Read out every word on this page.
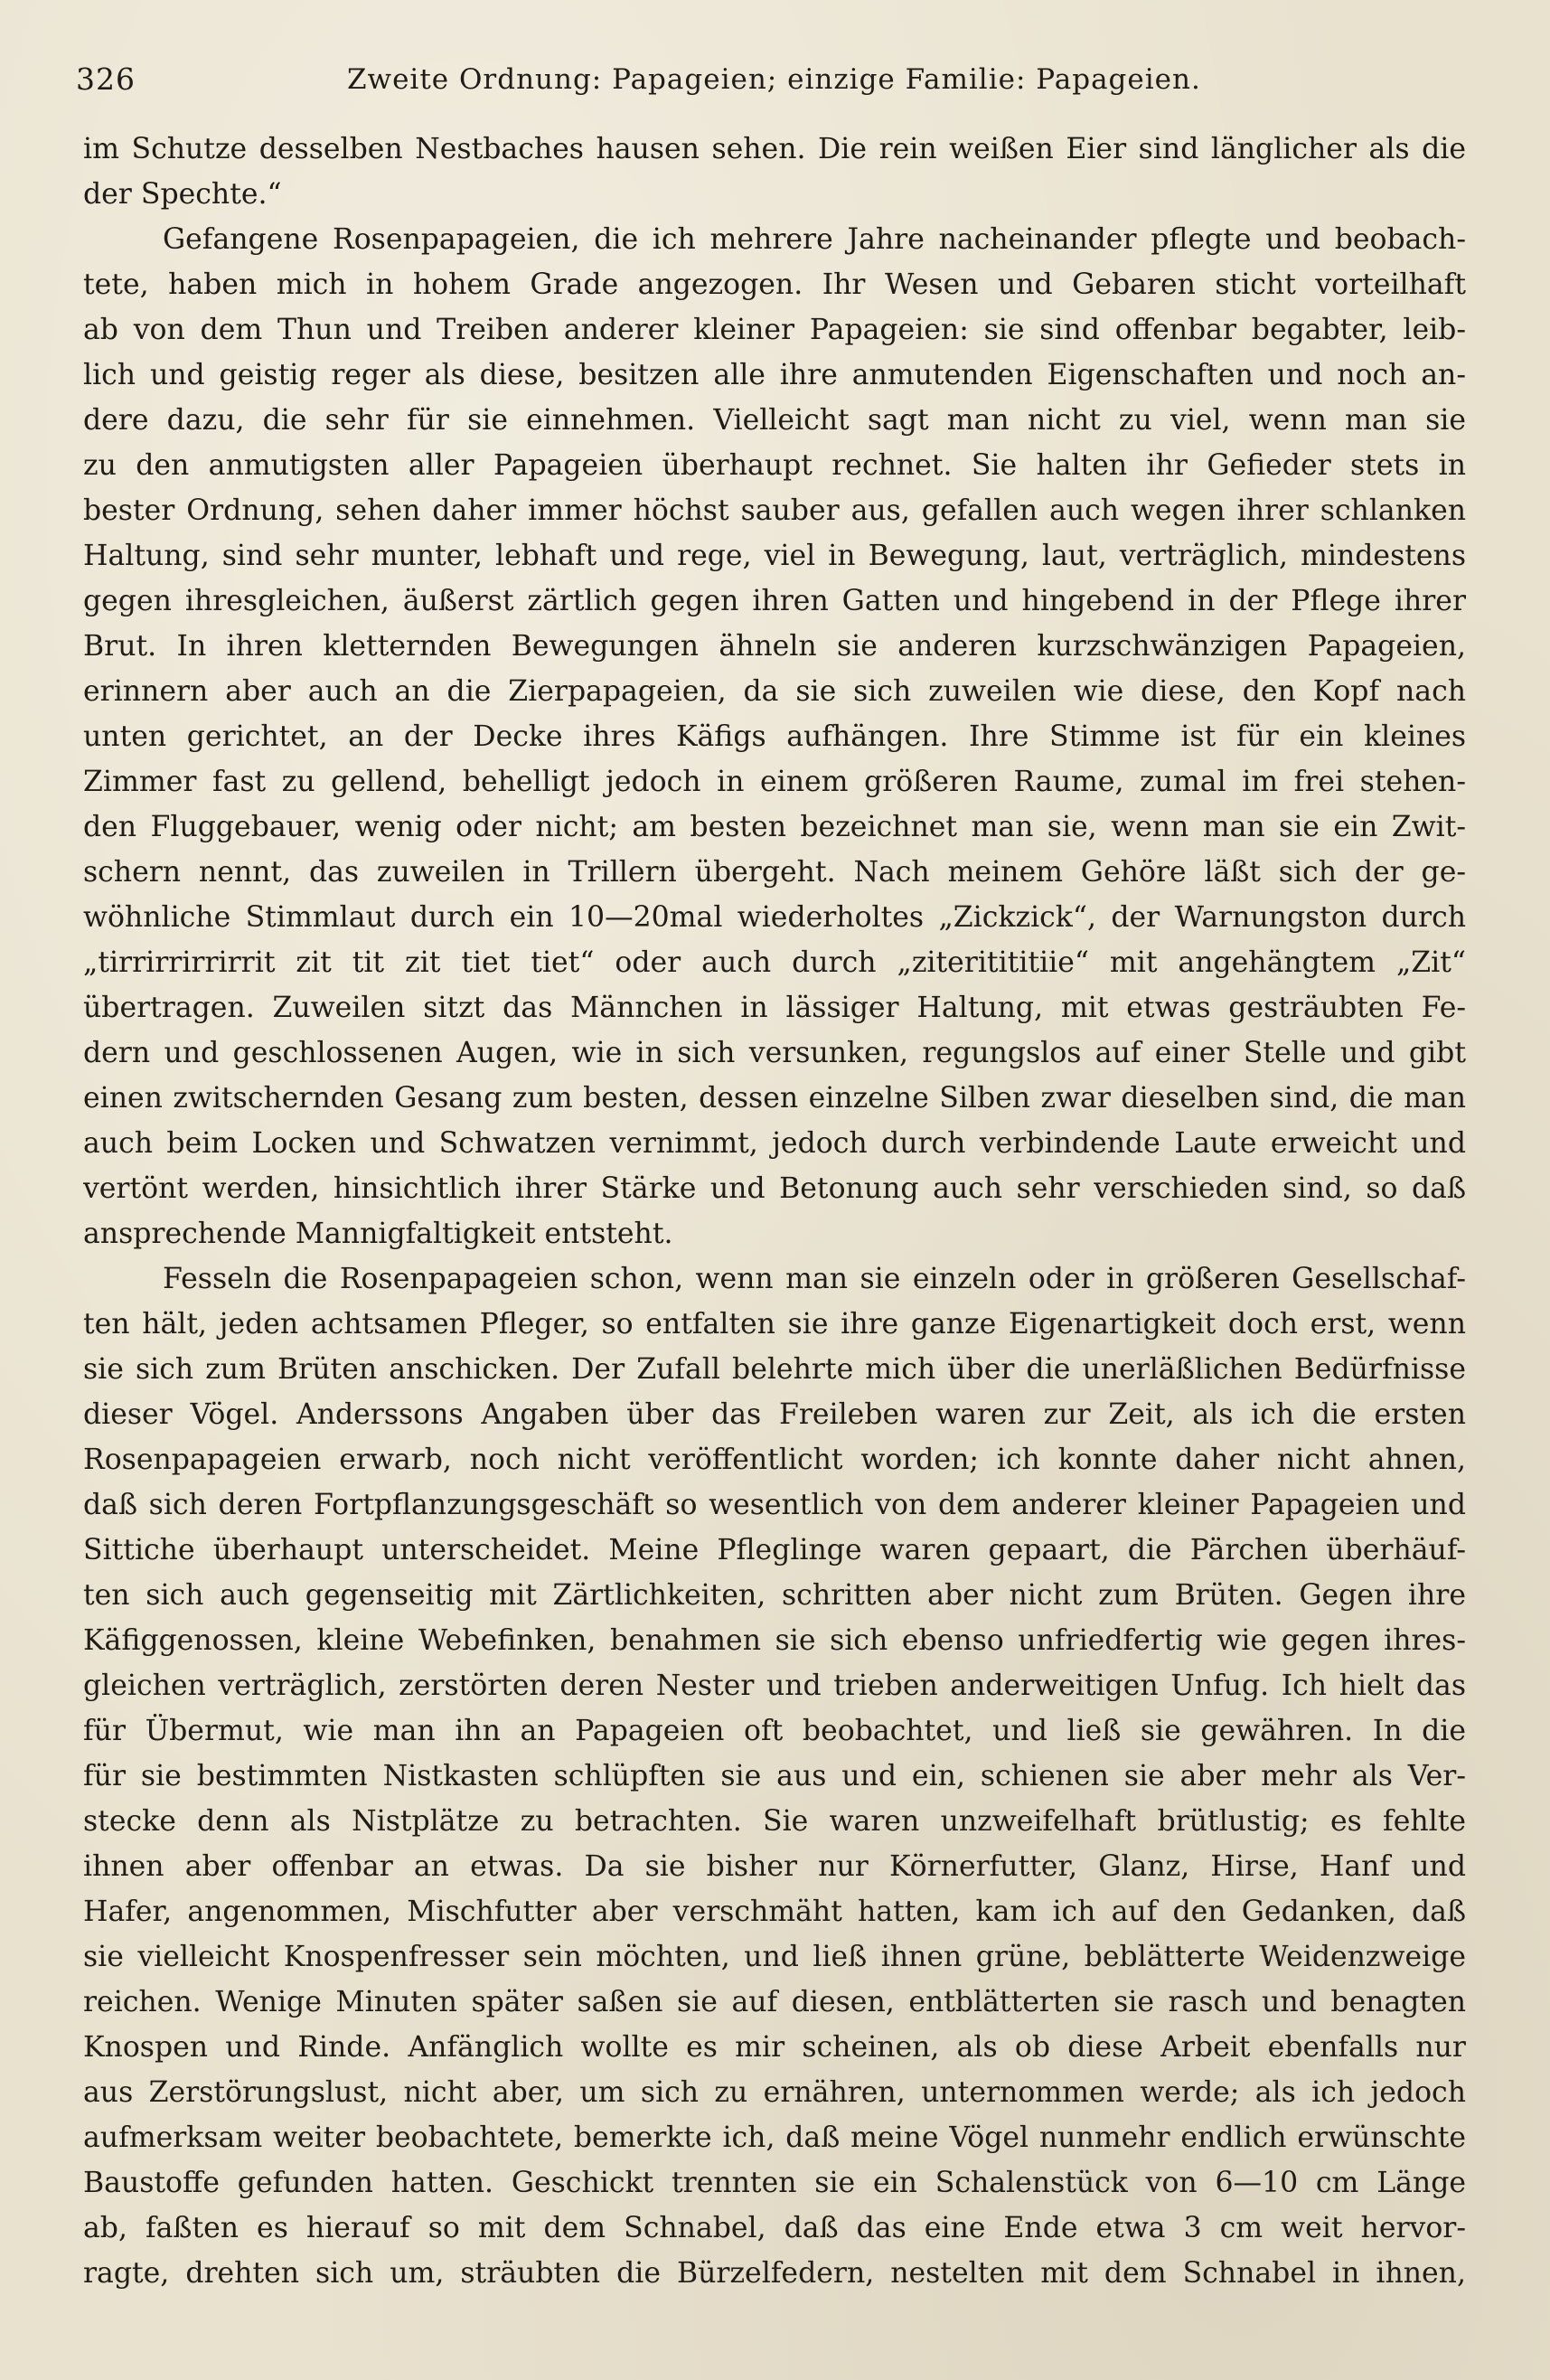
326	Zweite Ordnung: Papageien; einzige Familie: Papageien.
im Schutze desselben Nestbaches hausen sehen. Die rein weißen Eier sind länglicher als die
der Spechte.“
Gefangene Rosenpapageien, die ich mehrere Jahre nacheinander pflegte und beobach-
tete, haben mich in hohem Grade angezogen. Ihr Wesen und Gebaren sticht vorteilhaft
ab von dem Thun und Treiben anderer kleiner Papageien: sie sind offenbar begabter, leib-
lich und geistig reger als diese, besitzen alle ihre anmutenden Eigenschaften und noch an-
dere dazu, die sehr für sie einnehmen. Vielleicht sagt man nicht zu viel, wenn man sie
zu den anmutigsten aller Papageien überhaupt rechnet. Sie halten ihr Gefieder stets in
bester Ordnung, sehen daher immer höchst sauber aus, gefallen auch wegen ihrer schlanken
Haltung, sind sehr munter, lebhaft und rege, viel in Bewegung, laut, verträglich, mindestens
gegen ihresgleichen, äußerst zärtlich gegen ihren Gatten und hingebend in der Pflege ihrer
Brut. In ihren kletternden Bewegungen ähneln sie anderen kurzschwänzigen Papageien,
erinnern aber auch an die Zierpapageien, da sie sich zuweilen wie diese, den Kopf nach
unten gerichtet, an der Decke ihres Käfigs aufhängen. Ihre Stimme ist für ein kleines
Zimmer fast zu gellend, behelligt jedoch in einem größeren Raume, zumal im frei stehen-
den Fluggebauer, wenig oder nicht; am besten bezeichnet man sie, wenn man sie ein Zwit-
schern nennt, das zuweilen in Trillern übergeht. Nach meinem Gehöre läßt sich der ge-
wöhnliche Stimmlaut durch ein 10—20mal wiederholtes „Zickzick“, der Warnungston durch
„tirrirrirrirrit zit tit zit tiet tiet“ oder auch durch „ziteritititiie“ mit angehängtem „Zit“
übertragen. Zuweilen sitzt das Männchen in lässiger Haltung, mit etwas gesträubten Fe-
dern und geschlossenen Augen, wie in sich versunken, regungslos auf einer Stelle und gibt
einen zwitschernden Gesang zum besten, dessen einzelne Silben zwar dieselben sind, die man
auch beim Locken und Schwatzen vernimmt, jedoch durch verbindende Laute erweicht und
vertönt werden, hinsichtlich ihrer Stärke und Betonung auch sehr verschieden sind, so daß
ansprechende Mannigfaltigkeit entsteht.
Fesseln die Rosenpapageien schon, wenn man sie einzeln oder in größeren Gesellschaf-
ten hält, jeden achtsamen Pfleger, so entfalten sie ihre ganze Eigenartigkeit doch erst, wenn
sie sich zum Brüten anschicken. Der Zufall belehrte mich über die unerläßlichen Bedürfnisse
dieser Vögel. Anderssons Angaben über das Freileben waren zur Zeit, als ich die ersten
Rosenpapageien erwarb, noch nicht veröffentlicht worden; ich konnte daher nicht ahnen,
daß sich deren Fortpflanzungsgeschäft so wesentlich von dem anderer kleiner Papageien und
Sittiche überhaupt unterscheidet. Meine Pfleglinge waren gepaart, die Pärchen überhäuf-
ten sich auch gegenseitig mit Zärtlichkeiten, schritten aber nicht zum Brüten. Gegen ihre
Käfiggenossen, kleine Webefinken, benahmen sie sich ebenso unfriedfertig wie gegen ihres-
gleichen verträglich, zerstörten deren Nester und trieben anderweitigen Unfug. Ich hielt das
für Übermut, wie man ihn an Papageien oft beobachtet, und ließ sie gewähren. In die
für sie bestimmten Nistkasten schlüpften sie aus und ein, schienen sie aber mehr als Ver-
stecke denn als Nistplätze zu betrachten. Sie waren unzweifelhaft brütlustig; es fehlte
ihnen aber offenbar an etwas. Da sie bisher nur Körnerfutter, Glanz, Hirse, Hanf und
Hafer, angenommen, Mischfutter aber verschmäht hatten, kam ich auf den Gedanken, daß
sie vielleicht Knospenfresser sein möchten, und ließ ihnen grüne, beblätterte Weidenzweige
reichen. Wenige Minuten später saßen sie auf diesen, entblätterten sie rasch und benagten
Knospen und Rinde. Anfänglich wollte es mir scheinen, als ob diese Arbeit ebenfalls nur
aus Zerstörungslust, nicht aber, um sich zu ernähren, unternommen werde; als ich jedoch
aufmerksam weiter beobachtete, bemerkte ich, daß meine Vögel nunmehr endlich erwünschte
Baustoffe gefunden hatten. Geschickt trennten sie ein Schalenstück von 6—10 cm Länge
ab, faßten es hierauf so mit dem Schnabel, daß das eine Ende etwa 3 cm weit hervor-
ragte, drehten sich um, sträubten die Bürzelfedern, nestelten mit dem Schnabel in ihnen,
